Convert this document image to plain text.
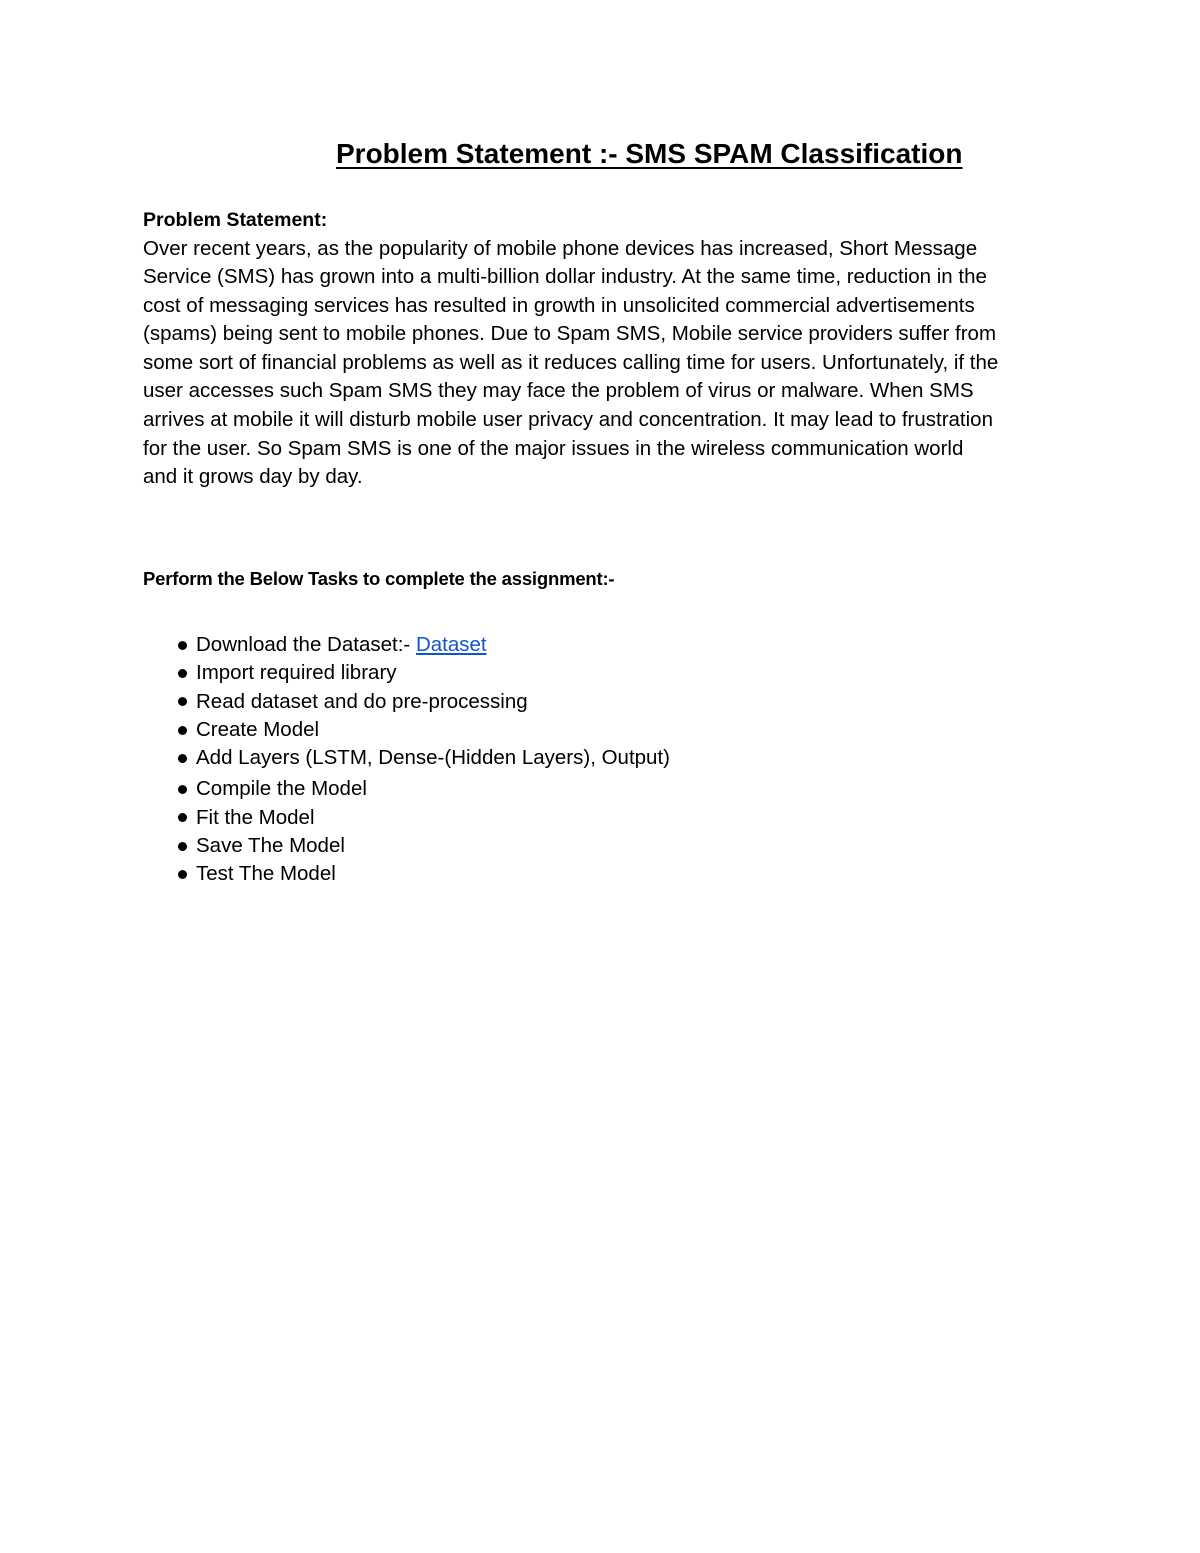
Problem Statement :- SMS SPAM Classification

Problem Statement:

Over recent years, as the popularity of mobile phone devices has increased, Short Message Service (SMS) has grown into a multi-billion dollar industry. At the same time, reduction in the cost of messaging services has resulted in growth in unsolicited commercial advertisements (spams) being sent to mobile phones. Due to Spam SMS, Mobile service providers suffer from some sort of financial problems as well as it reduces calling time for users. Unfortunately, if the user accesses such Spam SMS they may face the problem of virus or malware. When SMS arrives at mobile it will disturb mobile user privacy and concentration. It may lead to frustration for the user. So Spam SMS is one of the major issues in the wireless communication world and it grows day by day.

Perform the Below Tasks to complete the assignment:-

Download the Dataset:- Dataset
Import required library
Read dataset and do pre-processing
Create Model
Add Layers (LSTM, Dense-(Hidden Layers), Output)
Compile the Model
Fit the Model
Save The Model
Test The Model
